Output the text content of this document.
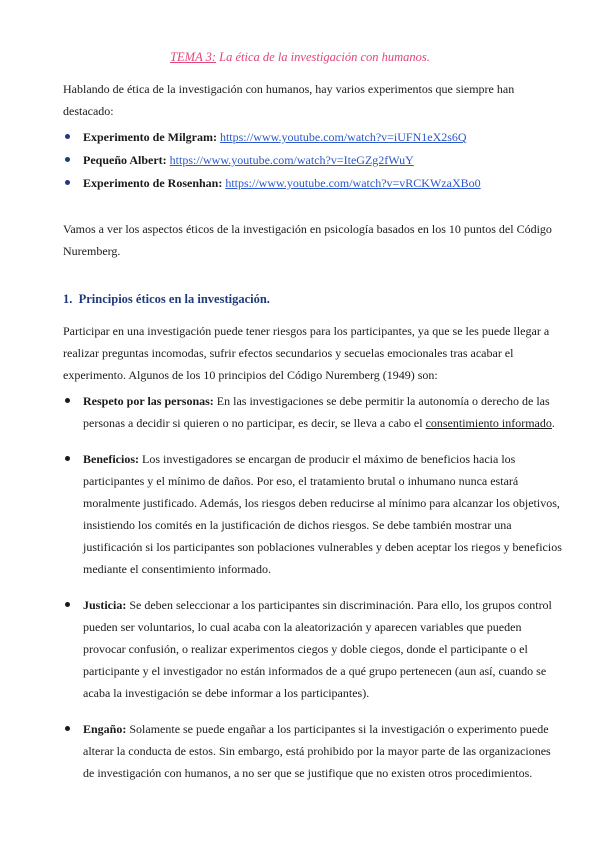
TEMA 3: La ética de la investigación con humanos.
Hablando de ética de la investigación con humanos, hay varios experimentos que siempre han destacado:
Experimento de Milgram: https://www.youtube.com/watch?v=iUFN1eX2s6Q
Pequeño Albert: https://www.youtube.com/watch?v=IteGZg2fWuY
Experimento de Rosenhan: https://www.youtube.com/watch?v=vRCKWzaXBo0
Vamos a ver los aspectos éticos de la investigación en psicología basados en los 10 puntos del Código Nuremberg.
1. Principios éticos en la investigación.
Participar en una investigación puede tener riesgos para los participantes, ya que se les puede llegar a realizar preguntas incomodas, sufrir efectos secundarios y secuelas emocionales tras acabar el experimento. Algunos de los 10 principios del Código Nuremberg (1949) son:
Respeto por las personas: En las investigaciones se debe permitir la autonomía o derecho de las personas a decidir si quieren o no participar, es decir, se lleva a cabo el consentimiento informado.
Beneficios: Los investigadores se encargan de producir el máximo de beneficios hacia los participantes y el mínimo de daños. Por eso, el tratamiento brutal o inhumano nunca estará moralmente justificado. Además, los riesgos deben reducirse al mínimo para alcanzar los objetivos, insistiendo los comités en la justificación de dichos riesgos. Se debe también mostrar una justificación si los participantes son poblaciones vulnerables y deben aceptar los riegos y beneficios mediante el consentimiento informado.
Justicia: Se deben seleccionar a los participantes sin discriminación. Para ello, los grupos control pueden ser voluntarios, lo cual acaba con la aleatorización y aparecen variables que pueden provocar confusión, o realizar experimentos ciegos y doble ciegos, donde el participante o el participante y el investigador no están informados de a qué grupo pertenecen (aun así, cuando se acaba la investigación se debe informar a los participantes).
Engaño: Solamente se puede engañar a los participantes si la investigación o experimento puede alterar la conducta de estos. Sin embargo, está prohibido por la mayor parte de las organizaciones de investigación con humanos, a no ser que se justifique que no existen otros procedimientos.
